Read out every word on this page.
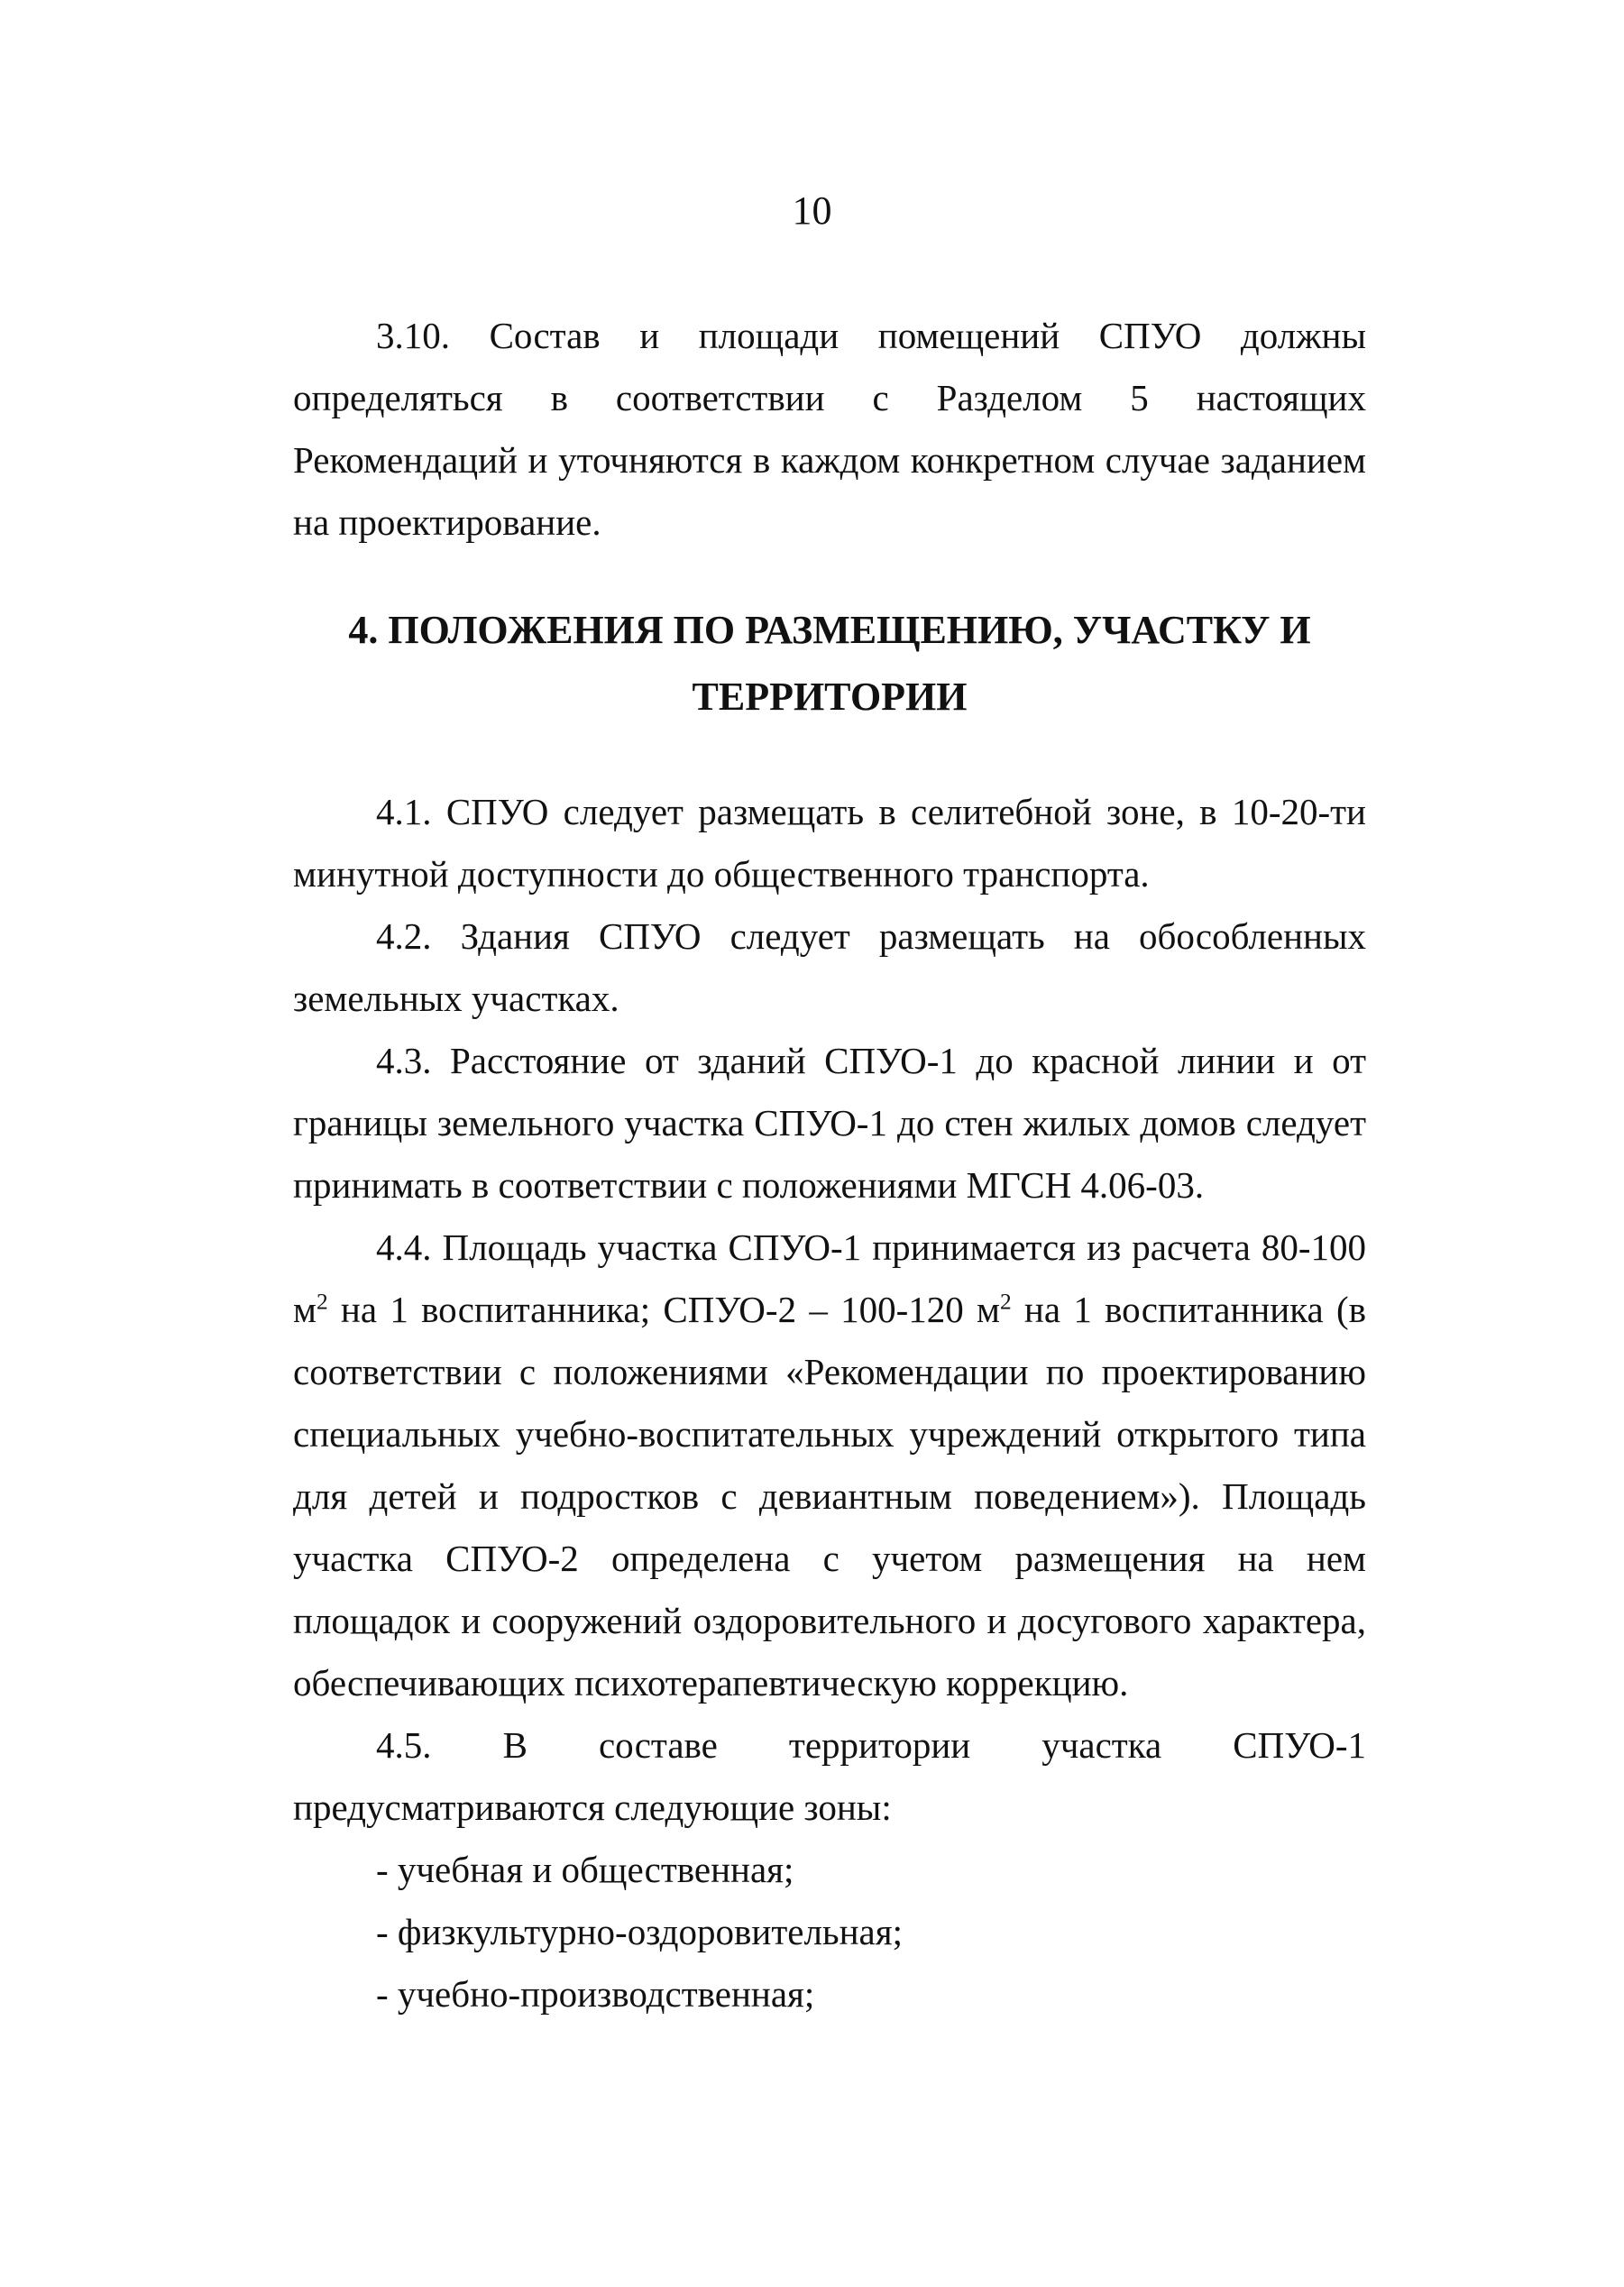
10

3.10. Состав и площади помещений СПУО должны определяться в соответствии с Разделом 5 настоящих Рекомендаций и уточняются в каждом конкретном случае заданием на проектирование.

4. ПОЛОЖЕНИЯ ПО РАЗМЕЩЕНИЮ, УЧАСТКУ И
ТЕРРИТОРИИ

4.1. СПУО следует размещать в селитебной зоне, в 10-20-ти минутной доступности до общественного транспорта.

4.2. Здания СПУО следует размещать на обособленных земельных участках.

4.3. Расстояние от зданий СПУО-1 до красной линии и от границы земельного участка СПУО-1 до стен жилых домов следует принимать в соответствии с положениями МГСН 4.06-03.

4.4. Площадь участка СПУО-1 принимается из расчета 80-100 $м^2$ на 1 воспитанника; СПУО-2 – 100-120 $м^2$ на 1 воспитанника (в соответствии с положениями «Рекомендации по проектированию специальных учебно-воспитательных учреждений открытого типа для детей и подростков с девиантным поведением»). Площадь участка СПУО-2 определена с учетом размещения на нем площадок и сооружений оздоровительного и досугового характера, обеспечивающих психотерапевтическую коррекцию.

4.5. В составе территории участка СПУО-1 предусматриваются следующие зоны:

- учебная и общественная;

- физкультурно-оздоровительная;

- учебно-производственная;
